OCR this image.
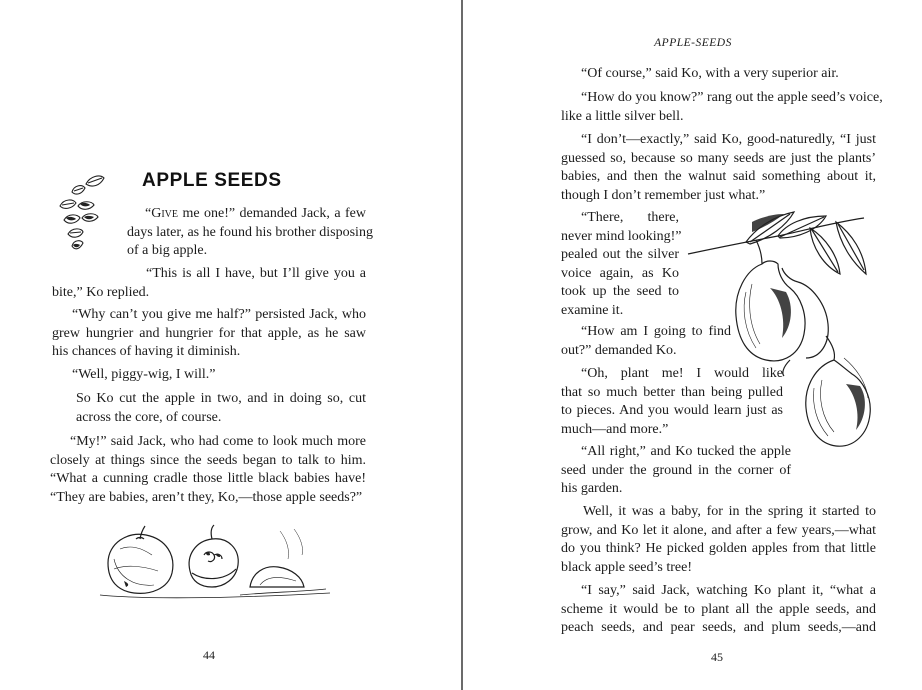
APPLE SEEDS
“Give me one!” demanded Jack, a few
days later, as he found his brother disposing
of a big apple.
“This is all I have, but I’ll give you a
bite,” Ko replied.
“Why can’t you give me half?” persisted Jack, who
grew hungrier and hungrier for that apple, as he saw
his chances of having it diminish.
“Well, piggy-wig, I will.”
So Ko cut the apple in two, and in doing so, cut
across the core, of course.
“My!” said Jack, who had come to look much more
closely at things since the seeds began to talk to him.
“What a cunning cradle those little black babies have!
“They are babies, aren’t they, Ko,—those apple seeds?”
44
APPLE-SEEDS
“Of course,” said Ko, with a very superior air.
“How do you know?” rang out the apple seed’s voice,
like a little silver bell.
“I don’t—exactly,” said Ko, good-naturedly, “I just
guessed so, because so many seeds are just the plants’
babies, and then the walnut said something about it,
though I don’t remember just what.”
“There, there,
never mind looking!”
pealed out the silver
voice again, as Ko
took up the seed to
examine it.
“How am I going to find
out?” demanded Ko.
“Oh, plant me! I would like
that so much better than being pulled
to pieces. And you would learn just as
much—and more.”
“All right,” and Ko tucked the apple
seed under the ground in the corner of
his garden.
Well, it was a baby, for in the spring it started to
grow, and Ko let it alone, and after a few years,—what
do you think? He picked golden apples from that little
black apple seed’s tree!
“I say,” said Jack, watching Ko plant it, “what a
scheme it would be to plant all the apple seeds, and
peach seeds, and pear seeds, and plum seeds,—and
45
